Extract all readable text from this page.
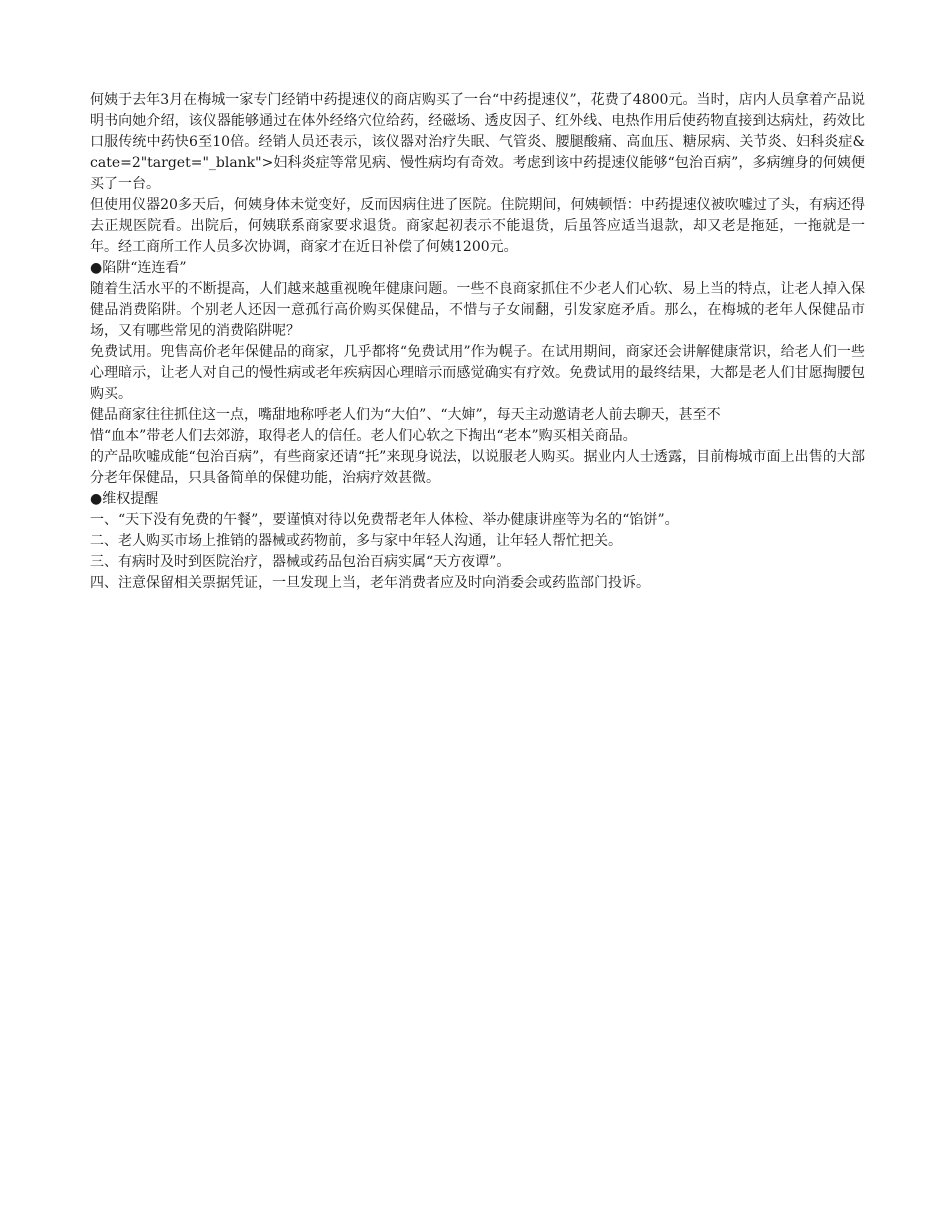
何姨于去年3月在梅城一家专门经销中药提速仪的商店购买了一台“中药提速仪”，花费了4800元。当时，店内人员拿着产品说明书向她介绍，该仪器能够通过在体外经络穴位给药，经磁场、透皮因子、红外线、电热作用后使药物直接到达病灶，药效比口服传统中药快6至10倍。经销人员还表示，该仪器对治疗失眠、气管炎、腰腿酸痛、高血压、糖尿病、关节炎、妇科炎症&cate=2"target="_blank">妇科炎症等常见病、慢性病均有奇效。考虑到该中药提速仪能够“包治百病”，多病缠身的何姨便买了一台。

但使用仪器20多天后，何姨身体未觉变好，反而因病住进了医院。住院期间，何姨顿悟：中药提速仪被吹嘘过了头，有病还得去正规医院看。出院后，何姨联系商家要求退货。商家起初表示不能退货，后虽答应适当退款，却又老是拖延，一拖就是一年。经工商所工作人员多次协调，商家才在近日补偿了何姨1200元。

●陷阱“连连看”

随着生活水平的不断提高，人们越来越重视晚年健康问题。一些不良商家抓住不少老人们心软、易上当的特点，让老人掉入保健品消费陷阱。个别老人还因一意孤行高价购买保健品，不惜与子女闹翻，引发家庭矛盾。那么，在梅城的老年人保健品市场，又有哪些常见的消费陷阱呢？

免费试用。兜售高价老年保健品的商家，几乎都将“免费试用”作为幌子。在试用期间，商家还会讲解健康常识，给老人们一些心理暗示，让老人对自己的慢性病或老年疾病因心理暗示而感觉确实有疗效。免费试用的最终结果，大都是老人们甘愿掏腰包购买。

健品商家往往抓住这一点，嘴甜地称呼老人们为“大伯”、“大婶”，每天主动邀请老人前去聊天，甚至不

惜“血本”带老人们去郊游，取得老人的信任。老人们心软之下掏出“老本”购买相关商品。

的产品吹嘘成能“包治百病”，有些商家还请“托”来现身说法，以说服老人购买。据业内人士透露，目前梅城市面上出售的大部分老年保健品，只具备简单的保健功能，治病疗效甚微。

●维权提醒

一、“天下没有免费的午餐”，要谨慎对待以免费帮老年人体检、举办健康讲座等为名的“馅饼”。

二、老人购买市场上推销的器械或药物前，多与家中年轻人沟通，让年轻人帮忙把关。

三、有病时及时到医院治疗，器械或药品包治百病实属“天方夜谭”。

四、注意保留相关票据凭证，一旦发现上当，老年消费者应及时向消委会或药监部门投诉。
